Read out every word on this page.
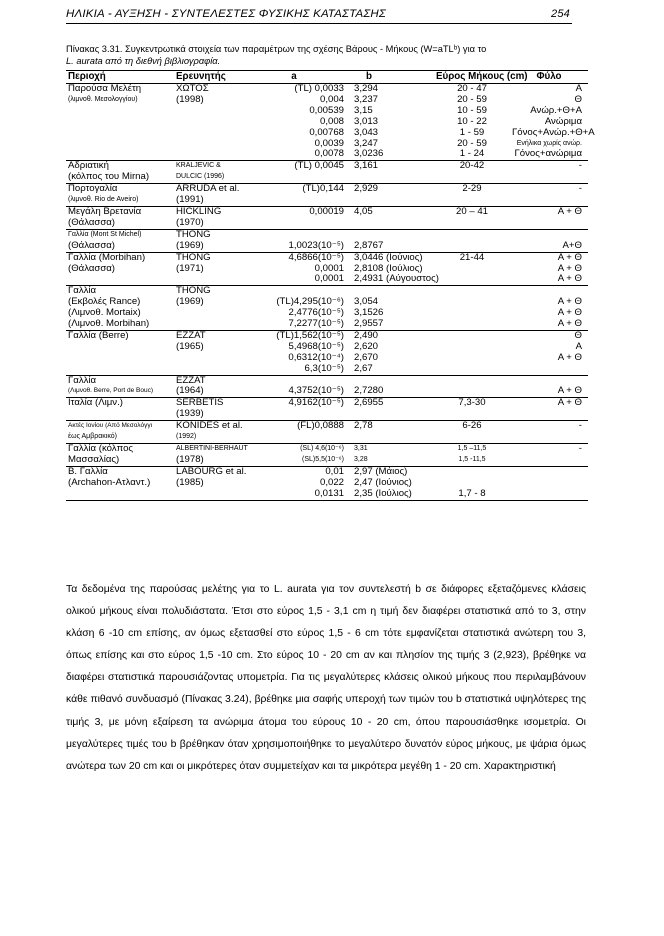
ΗΛΙΚΙΑ - ΑΥΞΗΣΗ - ΣΥΝΤΕΛΕΣΤΕΣ ΦΥΣΙΚΗΣ ΚΑΤΑΣΤΑΣΗΣ	254
Πίνακας 3.31. Συγκεντρωτικά στοιχεία των παραμέτρων της σχέσης Βάρους - Μήκους (W=aTLᵇ) για το
L. aurata από τη διεθνή βιβλιογραφία.
Περιοχή	Ερευνητής	a	b	Εύρος Μήκους (cm)	Φύλο
Παρούσα Μελέτη	ΧΩΤΟΣ	(TL) 0,0033	3,294	20 - 47	Α
(λιμνοθ. Μεσολογγίου)	(1998)	0,004	3,237	20 - 59	Θ
		0,00539	3,15	10 - 59	Ανώρ.+Θ+Α
		0,008	3,013	10 - 22	Ανώριμα
		0,00768	3,043	1 - 59	Γόνος+Ανώρ.+Θ+Α
		0,0039	3,247	20 - 59	Ενήλικα χωρίς ανώρ.
		0,0078	3,0236	1 - 24	Γόνος+ανώριμα
Αδριατική	KRALJEVIC &	(TL) 0,0045	3,161	20-42	-
(κόλπος του Mirna)	DULCIC (1996)				
Πορτογαλία	ARRUDA et al.	(TL)0,144	2,929	2-29	-
(λιμνοθ. Rio de Aveiro)	(1991)				
Μεγάλη Βρετανία	HICKLING	0,00019	4,05	20 – 41	Α + Θ
(Θάλασσα)	(1970)				
Γαλλία (Mont St Michel)	THONG				
(Θάλασσα)	(1969)	1,0023(10⁻⁵)	2,8767		Α+Θ
Γαλλία (Morbihan)	THONG	4,6866(10⁻⁵)	3,0446 (Ιούνιος)	21-44	Α + Θ
(Θάλασσα)	(1971)	0,0001	2,8108 (Ιούλιος)		Α + Θ
		0,0001	2,4931 (Αύγουστος)		Α + Θ
Γαλλία	THONG				
(Εκβολές Rance)	(1969)	(TL)4,295(10⁻⁶)	3,054		Α + Θ
(Λιμνοθ. Mortaix)		2,4776(10⁻⁵)	3,1526		Α + Θ
(Λιμνοθ. Morbihan)		7,2277(10⁻⁵)	2,9557		Α + Θ
Γαλλία (Berre)	ΕΖΖΑΤ	(TL)1,562(10⁻⁵)	2,490		Θ
	(1965)	5,4968(10⁻⁵)	2,620		Α
		0,6312(10⁻⁴)	2,670		Α + Θ
		6,3(10⁻⁵)	2,67		
Γαλλία	ΕΖΖΑΤ				
(Λιμνοθ. Berre, Port de Bouc)	(1964)	4,3752(10⁻⁵)	2,7280		Α + Θ
Ιταλία (Λιμν.)	SERBETIS	4,9162(10⁻⁵)	2,6955	7,3-30	Α + Θ
	(1939)				
Ακτές Ιονίου (Από Μεσολόγγι	KONIDES et al.	(FL)0,0888	2,78	6-26	-
έως Αμβρακικό)	(1992)				
Γαλλία (κόλπος	ALBERTINI-BERHAUT	(SL) 4,6(10⁻⁶)	3,31	1,5 –11,5	-
Μασσαλίας)	(1978)	(SL)5,5(10⁻⁶)	3,28	1,5 -11,5	
Β. Γαλλία	LABOURG et al.	0,01	2,97 (Μάιος)		
(Archahon-Ατλαντ.)	(1985)	0,022	2,47 (Ιούνιος)		
		0,0131	2,35 (Ιούλιος)	1,7 - 8	

Τα δεδομένα της παρούσας μελέτης για το L. aurata για τον συντελεστή b σε διάφορες εξεταζόμενες κλάσεις ολικού μήκους είναι πολυδιάστατα. Έτσι στο εύρος 1,5 - 3,1 cm η τιμή δεν διαφέρει στατιστικά από το 3, στην κλάση 6 -10 cm επίσης, αν όμως εξετασθεί στο εύρος 1,5 - 6 cm τότε εμφανίζεται στατιστικά ανώτερη του 3, όπως επίσης και στο εύρος 1,5 -10 cm. Στο εύρος 10 - 20 cm αν και πλησίον της τιμής 3 (2,923), βρέθηκε να διαφέρει στατιστικά παρουσιάζοντας υπομετρία. Για τις μεγαλύτερες κλάσεις ολικού μήκους που περιλαμβάνουν κάθε πιθανό συνδυασμό (Πίνακας 3.24), βρέθηκε μια σαφής υπεροχή των τιμών του b στατιστικά υψηλότερες της τιμής 3, με μόνη εξαίρεση τα ανώριμα άτομα του εύρους 10 - 20 cm, όπου παρουσιάσθηκε ισομετρία. Οι μεγαλύτερες τιμές του b βρέθηκαν όταν χρησιμοποιήθηκε το μεγαλύτερο δυνατόν εύρος μήκους, με ψάρια όμως ανώτερα των 20 cm και οι μικρότερες όταν συμμετείχαν και τα μικρότερα μεγέθη 1 - 20 cm. Χαρακτηριστική
